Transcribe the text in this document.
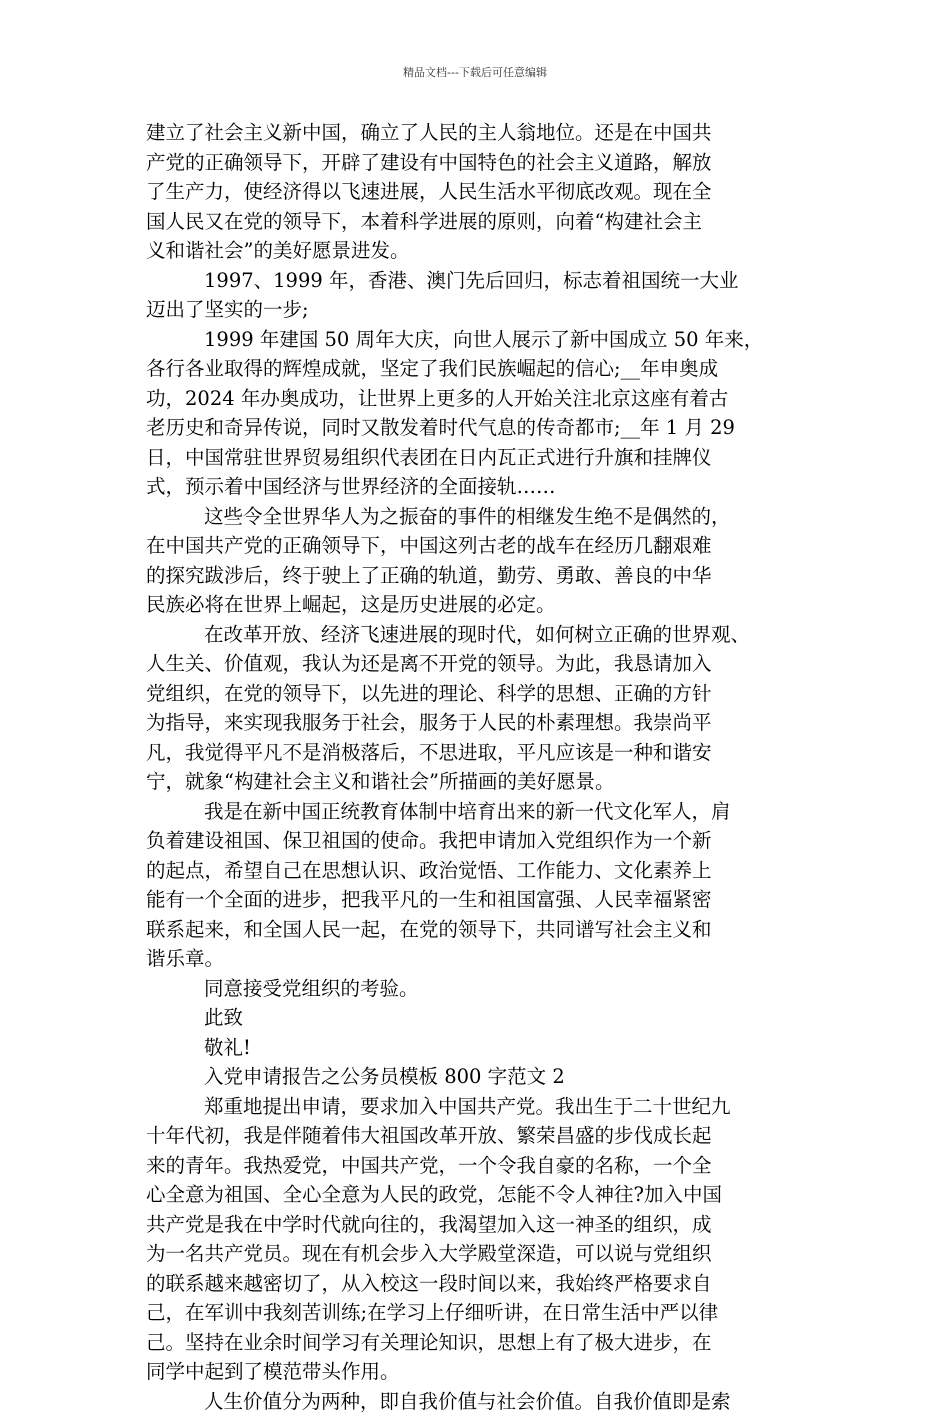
精品文档---下载后可任意编辑
建立了社会主义新中国，确立了人民的主人翁地位。还是在中国共
产党的正确领导下，开辟了建设有中国特色的社会主义道路，解放
了生产力，使经济得以飞速进展，人民生活水平彻底改观。现在全
国人民又在党的领导下，本着科学进展的原则，向着“构建社会主
义和谐社会”的美好愿景进发。
1997、1999 年，香港、澳门先后回归，标志着祖国统一大业
迈出了坚实的一步;
1999 年建国 50 周年大庆，向世人展示了新中国成立 50 年来，
各行各业取得的辉煌成就，坚定了我们民族崛起的信心;__年申奥成
功，2024 年办奥成功，让世界上更多的人开始关注北京这座有着古
老历史和奇异传说，同时又散发着时代气息的传奇都市;__年 1 月 29
日，中国常驻世界贸易组织代表团在日内瓦正式进行升旗和挂牌仪
式，预示着中国经济与世界经济的全面接轨……
这些令全世界华人为之振奋的事件的相继发生绝不是偶然的，
在中国共产党的正确领导下，中国这列古老的战车在经历几翻艰难
的探究跋涉后，终于驶上了正确的轨道，勤劳、勇敢、善良的中华
民族必将在世界上崛起，这是历史进展的必定。
在改革开放、经济飞速进展的现时代，如何树立正确的世界观、
人生关、价值观，我认为还是离不开党的领导。为此，我恳请加入
党组织，在党的领导下，以先进的理论、科学的思想、正确的方针
为指导，来实现我服务于社会，服务于人民的朴素理想。我崇尚平
凡，我觉得平凡不是消极落后，不思进取，平凡应该是一种和谐安
宁，就象“构建社会主义和谐社会”所描画的美好愿景。
我是在新中国正统教育体制中培育出来的新一代文化军人，肩
负着建设祖国、保卫祖国的使命。我把申请加入党组织作为一个新
的起点，希望自己在思想认识、政治觉悟、工作能力、文化素养上
能有一个全面的进步，把我平凡的一生和祖国富强、人民幸福紧密
联系起来，和全国人民一起，在党的领导下，共同谱写社会主义和
谐乐章。
同意接受党组织的考验。
此致
敬礼!
入党申请报告之公务员模板 800 字范文 2
郑重地提出申请，要求加入中国共产党。我出生于二十世纪九
十年代初，我是伴随着伟大祖国改革开放、繁荣昌盛的步伐成长起
来的青年。我热爱党，中国共产党，一个令我自豪的名称，一个全
心全意为祖国、全心全意为人民的政党，怎能不令人神往?加入中国
共产党是我在中学时代就向往的，我渴望加入这一神圣的组织，成
为一名共产党员。现在有机会步入大学殿堂深造，可以说与党组织
的联系越来越密切了，从入校这一段时间以来，我始终严格要求自
己，在军训中我刻苦训练;在学习上仔细听讲，在日常生活中严以律
己。坚持在业余时间学习有关理论知识，思想上有了极大进步，在
同学中起到了模范带头作用。
人生价值分为两种，即自我价值与社会价值。自我价值即是索
